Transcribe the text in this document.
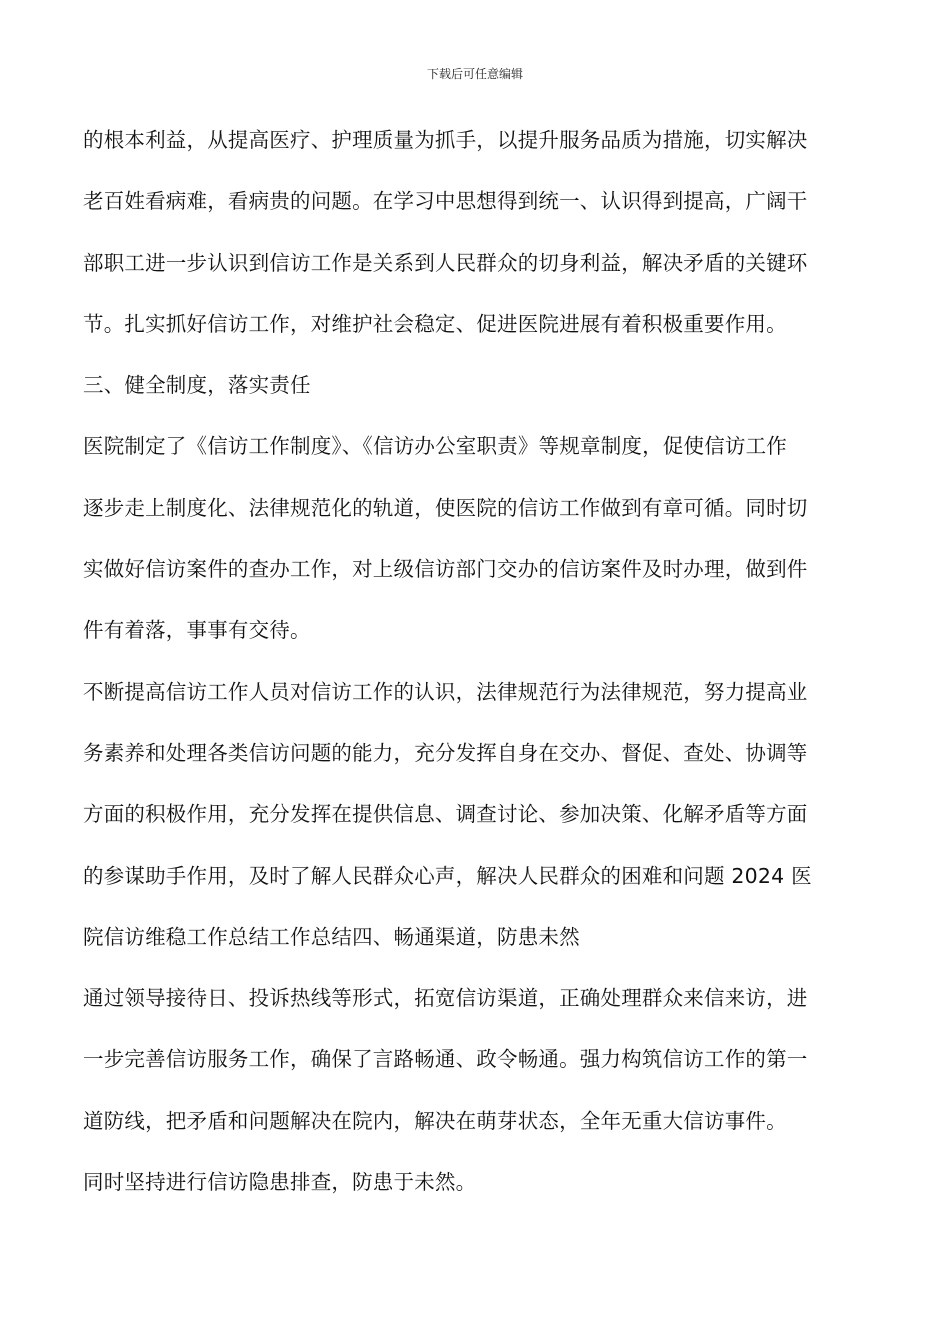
下载后可任意编辑
的根本利益，从提高医疗、护理质量为抓手，以提升服务品质为措施，切实解决
老百姓看病难，看病贵的问题。在学习中思想得到统一、认识得到提高，广阔干
部职工进一步认识到信访工作是关系到人民群众的切身利益，解决矛盾的关键环
节。扎实抓好信访工作，对维护社会稳定、促进医院进展有着积极重要作用。
三、健全制度，落实责任
医院制定了《信访工作制度》、《信访办公室职责》等规章制度，促使信访工作
逐步走上制度化、法律规范化的轨道，使医院的信访工作做到有章可循。同时切
实做好信访案件的查办工作，对上级信访部门交办的信访案件及时办理，做到件
件有着落，事事有交待。
不断提高信访工作人员对信访工作的认识，法律规范行为法律规范，努力提高业
务素养和处理各类信访问题的能力，充分发挥自身在交办、督促、查处、协调等
方面的积极作用，充分发挥在提供信息、调查讨论、参加决策、化解矛盾等方面
的参谋助手作用，及时了解人民群众心声，解决人民群众的困难和问题 2024 医
院信访维稳工作总结工作总结四、畅通渠道，防患未然
通过领导接待日、投诉热线等形式，拓宽信访渠道，正确处理群众来信来访，进
一步完善信访服务工作，确保了言路畅通、政令畅通。强力构筑信访工作的第一
道防线，把矛盾和问题解决在院内，解决在萌芽状态，全年无重大信访事件。
同时坚持进行信访隐患排查，防患于未然。
